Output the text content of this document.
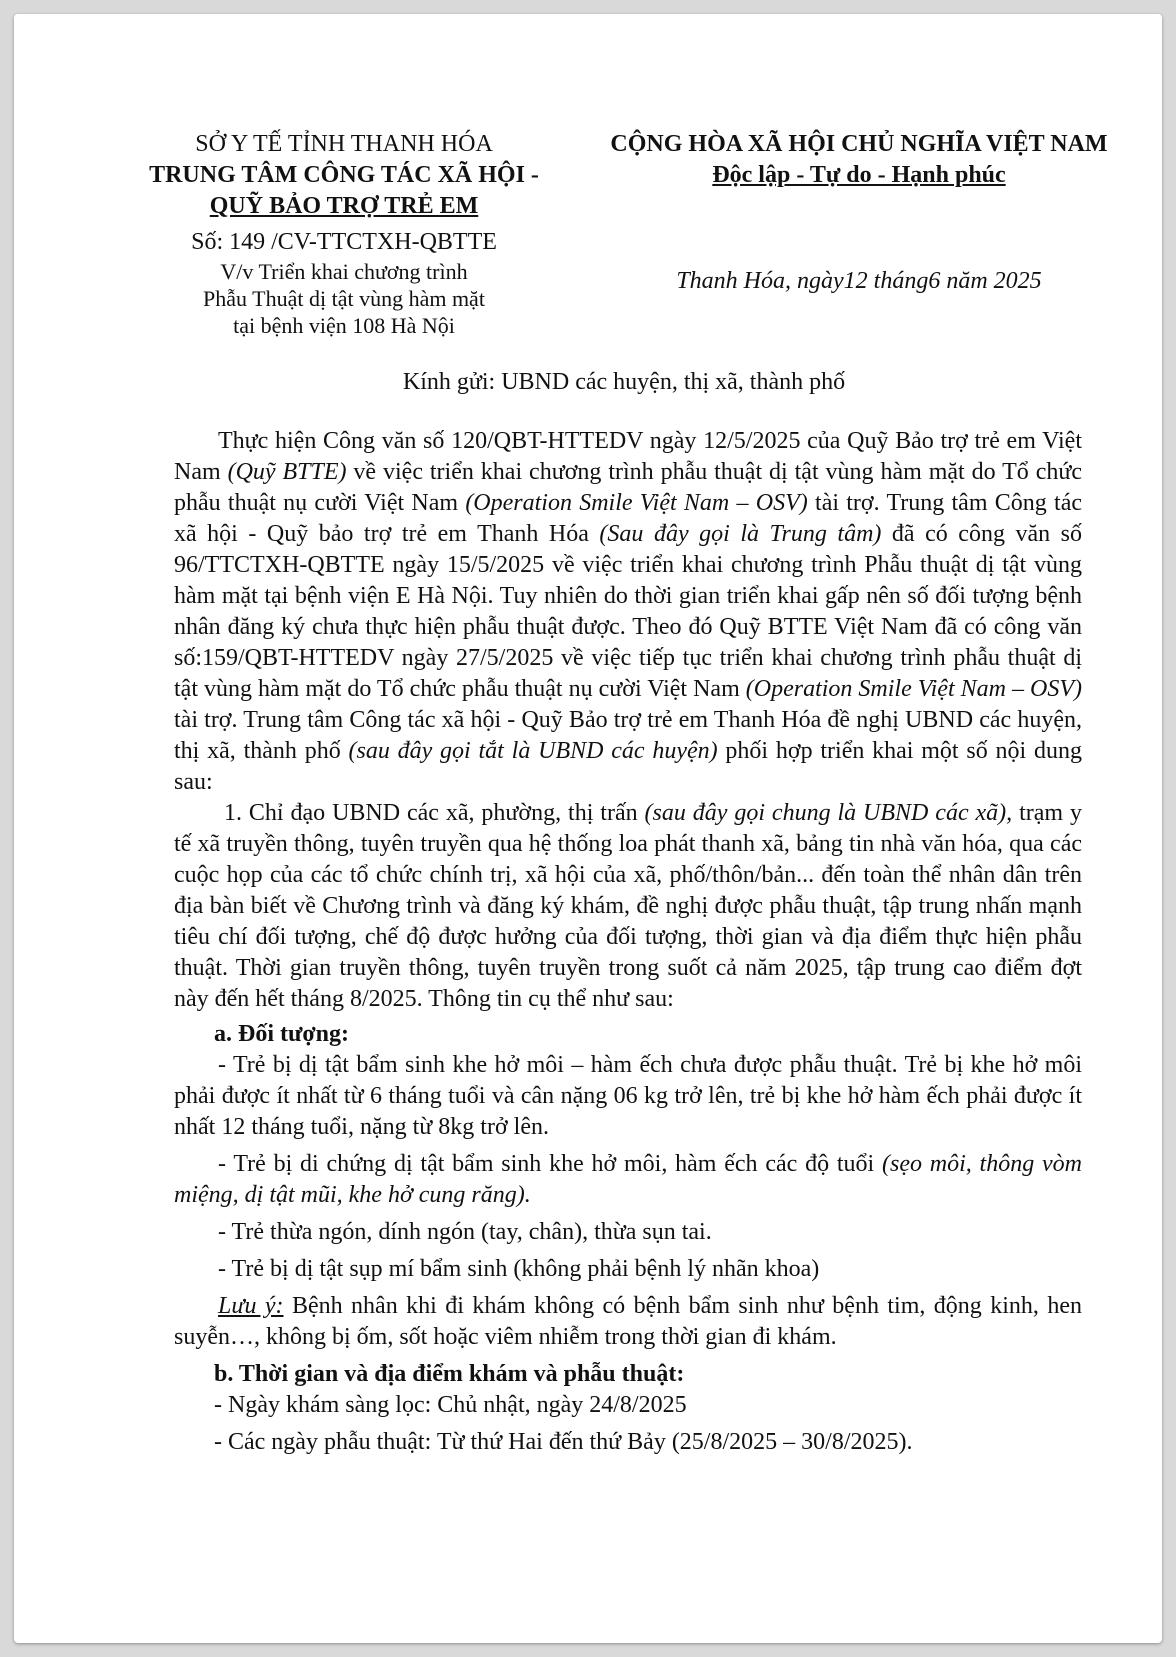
SỞ Y TẾ TỈNH THANH HÓA
TRUNG TÂM CÔNG TÁC XÃ HỘI -
QUỸ BẢO TRỢ TRẺ EM
Số: 149 /CV-TTCTXH-QBTTE
V/v Triển khai chương trình
Phẫu Thuật dị tật vùng hàm mặt
tại bệnh viện 108 Hà Nội
CỘNG HÒA XÃ HỘI CHỦ NGHĨA VIỆT NAM
Độc lập - Tự do - Hạnh phúc
Thanh Hóa, ngày12 tháng6 năm 2025
Kính gửi: UBND các huyện, thị xã, thành phố

Thực hiện Công văn số 120/QBT-HTTEDV ngày 12/5/2025 của Quỹ Bảo trợ trẻ em Việt Nam (Quỹ BTTE) về việc triển khai chương trình phẫu thuật dị tật vùng hàm mặt do Tổ chức phẫu thuật nụ cười Việt Nam (Operation Smile Việt Nam – OSV) tài trợ. Trung tâm Công tác xã hội - Quỹ bảo trợ trẻ em Thanh Hóa (Sau đây gọi là Trung tâm) đã có công văn số 96/TTCTXH-QBTTE ngày 15/5/2025 về việc triển khai chương trình Phẫu thuật dị tật vùng hàm mặt tại bệnh viện E Hà Nội. Tuy nhiên do thời gian triển khai gấp nên số đối tượng bệnh nhân đăng ký chưa thực hiện phẫu thuật được. Theo đó Quỹ BTTE Việt Nam đã có công văn số:159/QBT-HTTEDV ngày 27/5/2025 về việc tiếp tục triển khai chương trình phẫu thuật dị tật vùng hàm mặt do Tổ chức phẫu thuật nụ cười Việt Nam (Operation Smile Việt Nam – OSV) tài trợ. Trung tâm Công tác xã hội - Quỹ Bảo trợ trẻ em Thanh Hóa đề nghị UBND các huyện, thị xã, thành phố (sau đây gọi tắt là UBND các huyện) phối hợp triển khai một số nội dung sau:

1. Chỉ đạo UBND các xã, phường, thị trấn (sau đây gọi chung là UBND các xã), trạm y tế xã truyền thông, tuyên truyền qua hệ thống loa phát thanh xã, bảng tin nhà văn hóa, qua các cuộc họp của các tổ chức chính trị, xã hội của xã, phố/thôn/bản... đến toàn thể nhân dân trên địa bàn biết về Chương trình và đăng ký khám, đề nghị được phẫu thuật, tập trung nhấn mạnh tiêu chí đối tượng, chế độ được hưởng của đối tượng, thời gian và địa điểm thực hiện phẫu thuật. Thời gian truyền thông, tuyên truyền trong suốt cả năm 2025, tập trung cao điểm đợt này đến hết tháng 8/2025. Thông tin cụ thể như sau:

a. Đối tượng:

- Trẻ bị dị tật bẩm sinh khe hở môi – hàm ếch chưa được phẫu thuật. Trẻ bị khe hở môi phải được ít nhất từ 6 tháng tuổi và cân nặng 06 kg trở lên, trẻ bị khe hở hàm ếch phải được ít nhất 12 tháng tuổi, nặng từ 8kg trở lên.

- Trẻ bị di chứng dị tật bẩm sinh khe hở môi, hàm ếch các độ tuổi (sẹo môi, thông vòm miệng, dị tật mũi, khe hở cung răng).

- Trẻ thừa ngón, dính ngón (tay, chân), thừa sụn tai.

- Trẻ bị dị tật sụp mí bẩm sinh (không phải bệnh lý nhãn khoa)

Lưu ý: Bệnh nhân khi đi khám không có bệnh bẩm sinh như bệnh tim, động kinh, hen suyễn…, không bị ốm, sốt hoặc viêm nhiễm trong thời gian đi khám.

b. Thời gian và địa điểm khám và phẫu thuật:

- Ngày khám sàng lọc: Chủ nhật, ngày 24/8/2025

- Các ngày phẫu thuật: Từ thứ Hai đến thứ Bảy (25/8/2025 – 30/8/2025).
